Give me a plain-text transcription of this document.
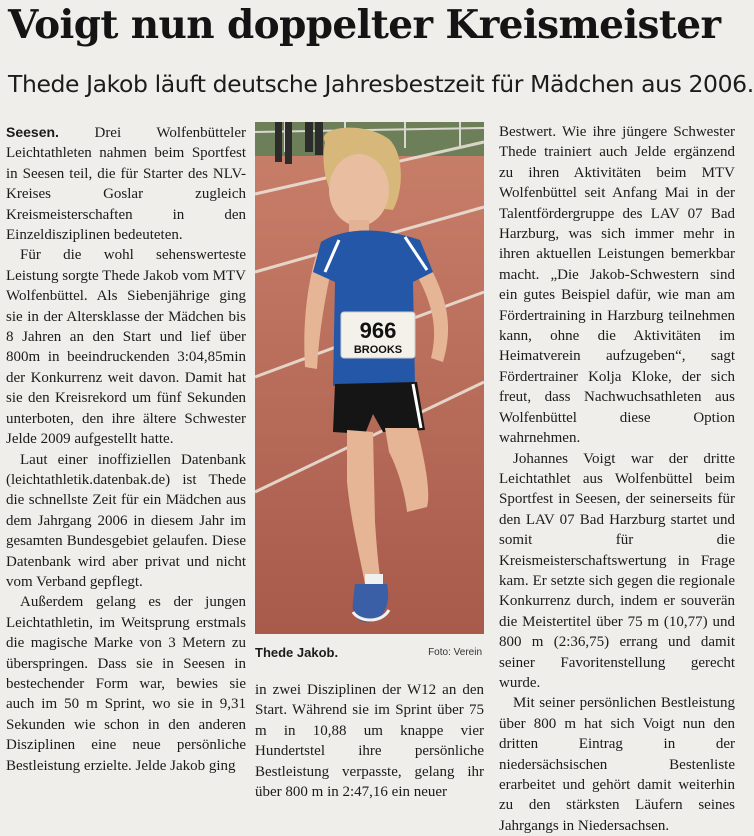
Voigt nun doppelter Kreismeister
Thede Jakob läuft deutsche Jahresbestzeit für Mädchen aus 2006.

Seesen. Drei Wolfenbütteler Leichtathleten nahmen beim Sportfest in Seesen teil, die für Starter des NLV-Kreises Goslar zugleich Kreismeisterschaften in den Einzeldisziplinen bedeuteten.

Für die wohl sehenswerteste Leistung sorgte Thede Jakob vom MTV Wolfenbüttel. Als Siebenjährige ging sie in der Altersklasse der Mädchen bis 8 Jahren an den Start und lief über 800m in beeindruckenden 3:04,85min der Konkurrenz weit davon. Damit hat sie den Kreisrekord um fünf Sekunden unterboten, den ihre ältere Schwester Jelde 2009 aufgestellt hatte.

Laut einer inoffiziellen Datenbank (leichtathletik.datenbak.de) ist Thede die schnellste Zeit für ein Mädchen aus dem Jahrgang 2006 in diesem Jahr im gesamten Bundesgebiet gelaufen. Diese Datenbank wird aber privat und nicht vom Verband gepflegt.

Außerdem gelang es der jungen Leichtathletin, im Weitsprung erstmals die magische Marke von 3 Metern zu überspringen. Dass sie in Seesen in bestechender Form war, bewies sie auch im 50 m Sprint, wo sie in 9,31 Sekunden wie schon in den anderen Disziplinen eine neue persönliche Bestleistung erzielte. Jelde Jakob ging

966
BROOKS
Thede Jakob.	Foto: Verein

in zwei Disziplinen der W12 an den Start. Während sie im Sprint über 75 m in 10,88 um knappe vier Hundertstel ihre persönliche Bestleistung verpasste, gelang ihr über 800 m in 2:47,16 ein neuer

Bestwert. Wie ihre jüngere Schwester Thede trainiert auch Jelde ergänzend zu ihren Aktivitäten beim MTV Wolfenbüttel seit Anfang Mai in der Talentfördergruppe des LAV 07 Bad Harzburg, was sich immer mehr in ihren aktuellen Leistungen bemerkbar macht. „Die Jakob-Schwestern sind ein gutes Beispiel dafür, wie man am Fördertraining in Harzburg teilnehmen kann, ohne die Aktivitäten im Heimatverein aufzugeben“, sagt Fördertrainer Kolja Kloke, der sich freut, dass Nachwuchsathleten aus Wolfenbüttel diese Option wahrnehmen.

Johannes Voigt war der dritte Leichtathlet aus Wolfenbüttel beim Sportfest in Seesen, der seinerseits für den LAV 07 Bad Harzburg startet und somit für die Kreismeisterschaftswertung in Frage kam. Er setzte sich gegen die regionale Konkurrenz durch, indem er souverän die Meistertitel über 75 m (10,77) und 800 m (2:36,75) errang und damit seiner Favoritenstellung gerecht wurde.

Mit seiner persönlichen Bestleistung über 800 m hat sich Voigt nun den dritten Eintrag in der niedersächsischen Bestenliste erarbeitet und gehört damit weiterhin zu den stärksten Läufern seines Jahrgangs in Niedersachsen.
